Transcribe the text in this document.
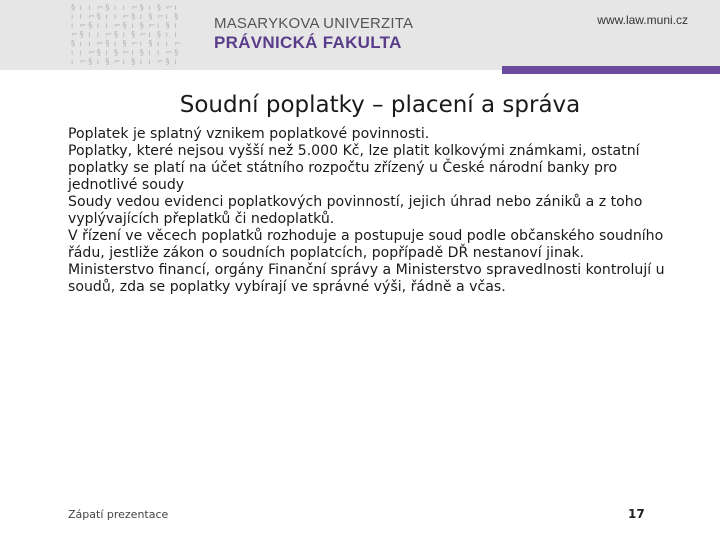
§ ı ı ⌐ § ı ı ⌐ § ı § ⌐ ı
ı ı ⌐ § ı ı ⌐ § ı § ⌐ ı §
ı ⌐ § ı ı ⌐ § ı § ⌐ ı § ı
⌐ § ı ı ⌐ § ı § ⌐ ı § ı ı
§ ı ı ⌐ § ı § ⌐ ı § ı ı ⌐
ı ı ⌐ § ı § ⌐ ı § ı ı ⌐ §
ı ⌐ § ı § ⌐ ı § ı ı ⌐ § ı
MASARYKOVA UNIVERZITA
PRÁVNICKÁ FAKULTA
www.law.muni.cz
Soudní poplatky – placení a správa

Poplatek je splatný vznikem poplatkové povinnosti.

Poplatky, které nejsou vyšší než 5.000 Kč, lze platit kolkovými známkami, ostatní poplatky se platí na účet státního rozpočtu zřízený u České národní banky pro jednotlivé soudy

Soudy vedou evidenci poplatkových povinností, jejich úhrad nebo zániků a z toho vyplývajících přeplatků či nedoplatků.

V řízení ve věcech poplatků rozhoduje a postupuje soud podle občanského soudního řádu, jestliže zákon o soudních poplatcích, popřípadě DŘ nestanoví jinak.

Ministerstvo financí, orgány Finanční správy a Ministerstvo spravedlnosti kontrolují u soudů, zda se poplatky vybírají ve správné výši, řádně a včas.

Zápatí prezentace	17
